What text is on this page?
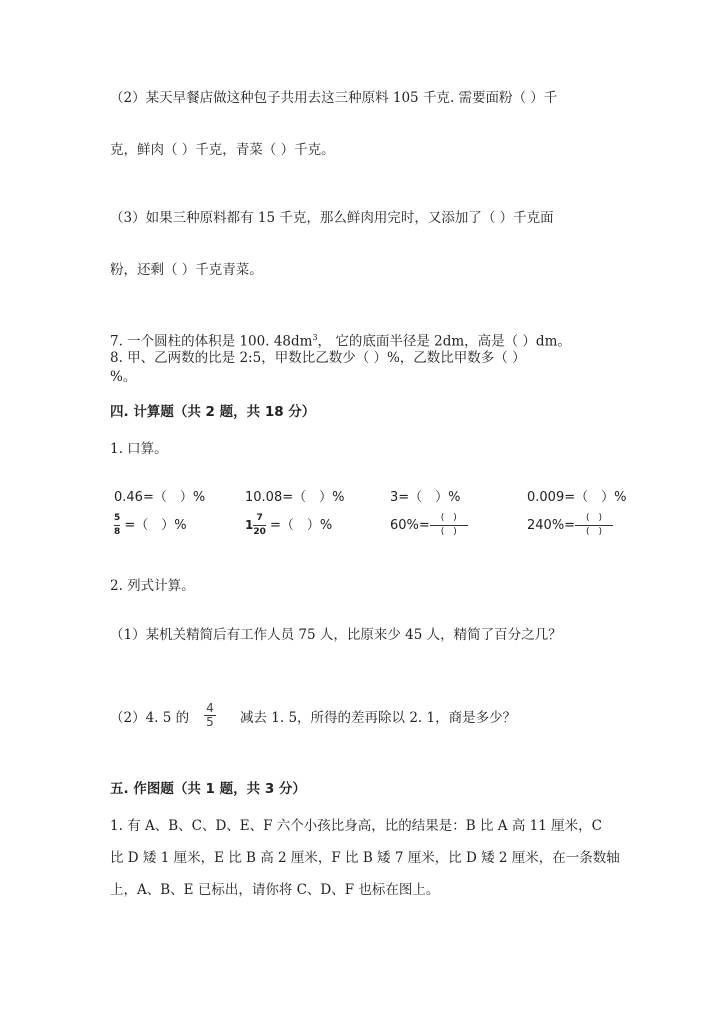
（2）某天早餐店做这种包子共用去这三种原料 105 千克. 需要面粉（ ）千
克，鲜肉（ ）千克，青菜（ ）千克。
（3）如果三种原料都有 15 千克，那么鲜肉用完时，又添加了（ ）千克面
粉，还剩（ ）千克青菜。
7. 一个圆柱的体积是 100. $48dm^3$， 它的底面半径是 2dm，高是（ ）dm。
8. 甲、乙两数的比是 2:5，甲数比乙数少（ ）%，乙数比甲数多（ ）
%。
四. 计算题（共 2 题，共 18 分）
1. 口算。
0.46=（　）%	10.08=（　）%	3=（　）%	0.009=（　）%
$\frac{5}{8}$ =（　）%	$1 \frac{7}{20}$ =（　）%	$60\%= \frac{( )}{( )}$	$240\%= \frac{( )}{( )}$
2. 列式计算。
（1）某机关精简后有工作人员 75 人，比原来少 45 人，精简了百分之几？
（2）4. 5 的 $\frac{4}{5}$ 减去 1. 5，所得的差再除以 2. 1，商是多少？
五. 作图题（共 1 题，共 3 分）
1. 有 A、B、C、D、E、F 六个小孩比身高，比的结果是：B 比 A 高 11 厘米，C
比 D 矮 1 厘米，E 比 B 高 2 厘米，F 比 B 矮 7 厘米，比 D 矮 2 厘米，在一条数轴
上，A、B、E 已标出，请你将 C、D、F 也标在图上。
